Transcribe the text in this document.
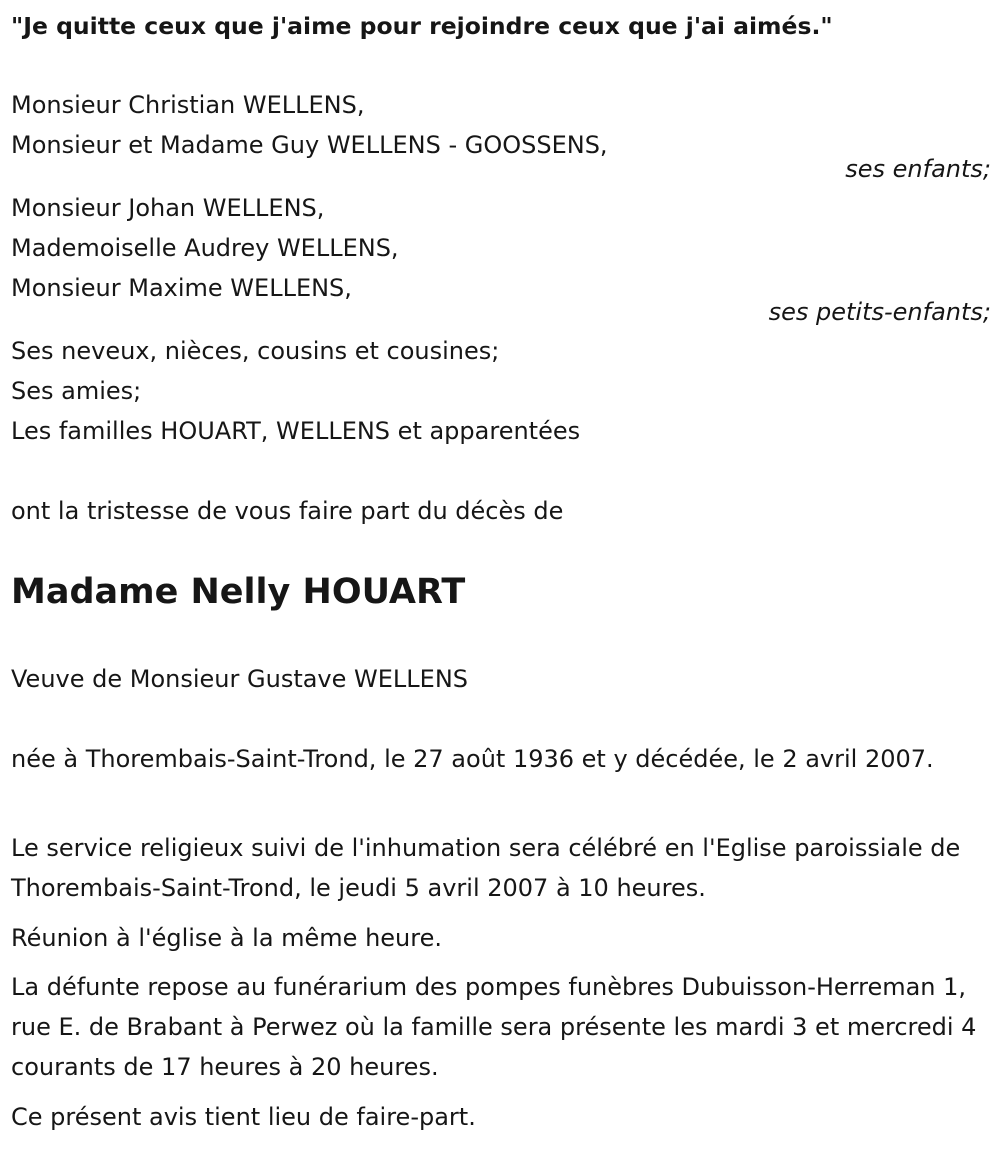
"Je quitte ceux que j'aime pour rejoindre ceux que j'ai aimés."
Monsieur Christian WELLENS,
Monsieur et Madame Guy WELLENS - GOOSSENS,
ses enfants;
Monsieur Johan WELLENS,
Mademoiselle Audrey WELLENS,
Monsieur Maxime WELLENS,
ses petits-enfants;
Ses neveux, nièces, cousins et cousines;
Ses amies;
Les familles HOUART, WELLENS et apparentées
ont la tristesse de vous faire part du décès de
Madame Nelly HOUART
Veuve de Monsieur Gustave WELLENS
née à Thorembais-Saint-Trond, le 27 août 1936 et y décédée, le 2 avril 2007.
Le service religieux suivi de l'inhumation sera célébré en l'Eglise paroissiale de Thorembais-Saint-Trond, le jeudi 5 avril 2007 à 10 heures.
Réunion à l'église à la même heure.
La défunte repose au funérarium des pompes funèbres Dubuisson-Herreman 1, rue E. de Brabant à Perwez où la famille sera présente les mardi 3 et mercredi 4 courants de 17 heures à 20 heures.
Ce présent avis tient lieu de faire-part.
